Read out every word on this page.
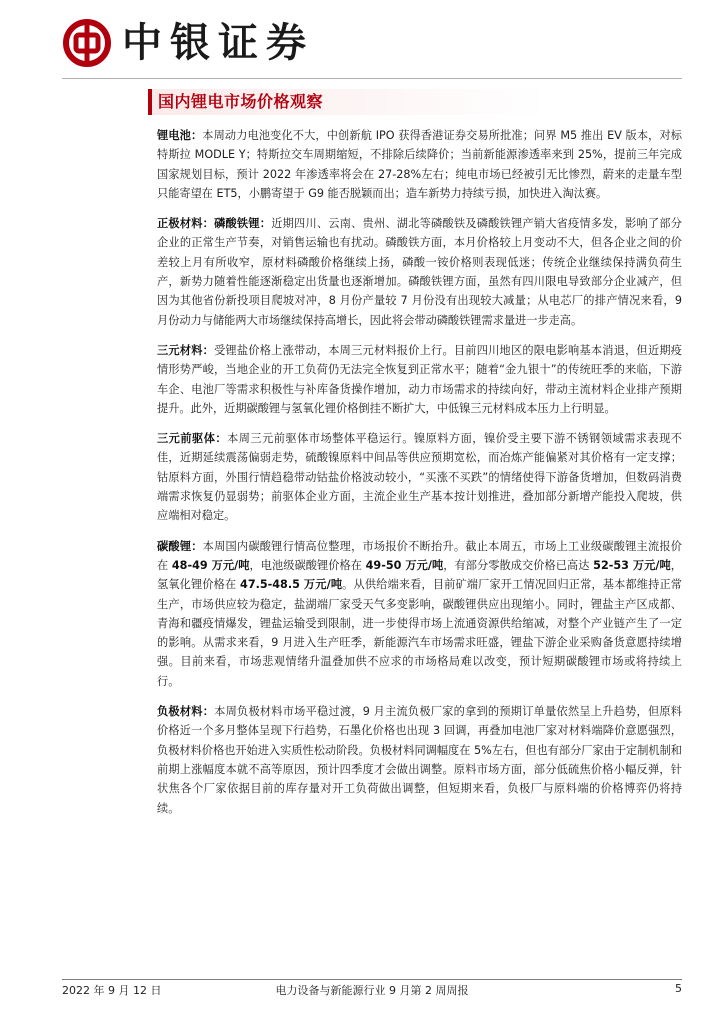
中银证券
国内锂电市场价格观察

锂电池：本周动力电池变化不大，中创新航 IPO 获得香港证券交易所批准；问界 M5 推出 EV 版本，对标特斯拉 MODLE Y；特斯拉交车周期缩短，不排除后续降价；当前新能源渗透率来到 25%，提前三年完成国家规划目标，预计 2022 年渗透率将会在 27-28%左右；纯电市场已经被引无比惨烈，蔚来的走量车型只能寄望在 ET5，小鹏寄望于 G9 能否脱颖而出；造车新势力持续亏损，加快进入淘汰赛。

正极材料：磷酸铁锂：近期四川、云南、贵州、湖北等磷酸铁及磷酸铁锂产销大省疫情多发，影响了部分企业的正常生产节奏，对销售运输也有扰动。磷酸铁方面，本月价格较上月变动不大，但各企业之间的价差较上月有所收窄，原材料磷酸价格继续上扬，磷酸一铵价格则表现低迷；传统企业继续保持满负荷生产，新势力随着性能逐渐稳定出货量也逐渐增加。磷酸铁锂方面，虽然有四川限电导致部分企业减产，但因为其他省份新投项目爬坡对冲，8 月份产量较 7 月份没有出现较大减量；从电芯厂的排产情况来看，9 月份动力与储能两大市场继续保持高增长，因此将会带动磷酸铁锂需求量进一步走高。

三元材料：受锂盐价格上涨带动，本周三元材料报价上行。目前四川地区的限电影响基本消退，但近期疫情形势严峻，当地企业的开工负荷仍无法完全恢复到正常水平；随着“金九银十”的传统旺季的来临，下游车企、电池厂等需求积极性与补库备货操作增加，动力市场需求的持续向好，带动主流材料企业排产预期提升。此外，近期碳酸锂与氢氧化锂价格倒挂不断扩大，中低镍三元材料成本压力上行明显。

三元前驱体：本周三元前驱体市场整体平稳运行。镍原料方面，镍价受主要下游不锈钢领域需求表现不佳，近期延续震荡偏弱走势，硫酸镍原料中间品等供应预期宽松，而冶炼产能偏紧对其价格有一定支撑；钴原料方面，外围行情趋稳带动钴盐价格波动较小，“买涨不买跌”的情绪使得下游备货增加，但数码消费端需求恢复仍显弱势；前驱体企业方面，主流企业生产基本按计划推进，叠加部分新增产能投入爬坡，供应端相对稳定。

碳酸锂：本周国内碳酸锂行情高位整理，市场报价不断抬升。截止本周五，市场上工业级碳酸锂主流报价在 48-49 万元/吨，电池级碳酸锂价格在 49-50 万元/吨，有部分零散成交价格已高达 52-53 万元/吨，氢氧化锂价格在 47.5-48.5 万元/吨。从供给端来看，目前矿端厂家开工情况回归正常，基本都维持正常生产，市场供应较为稳定，盐湖端厂家受天气多变影响，碳酸锂供应出现缩小。同时，锂盐主产区成都、青海和疆疫情爆发，锂盐运输受到限制，进一步使得市场上流通资源供给缩减，对整个产业链产生了一定的影响。从需求来看，9 月进入生产旺季，新能源汽车市场需求旺盛，锂盐下游企业采购备货意愿持续增强。目前来看，市场悲观情绪升温叠加供不应求的市场格局难以改变，预计短期碳酸锂市场或将持续上行。

负极材料：本周负极材料市场平稳过渡，9 月主流负极厂家的拿到的预期订单量依然呈上升趋势，但原料价格近一个多月整体呈现下行趋势，石墨化价格也出现 3 回调，再叠加电池厂家对材料端降价意愿强烈，负极材料价格也开始进入实质性松动阶段。负极材料同调幅度在 5%左右，但也有部分厂家由于定制机制和前期上涨幅度本就不高等原因，预计四季度才会做出调整。原料市场方面，部分低硫焦价格小幅反弹，针状焦各个厂家依据目前的库存量对开工负荷做出调整，但短期来看，负极厂与原料端的价格博弈仍将持续。

2022 年 9 月 12 日	电力设备与新能源行业 9 月第 2 周周报	5
